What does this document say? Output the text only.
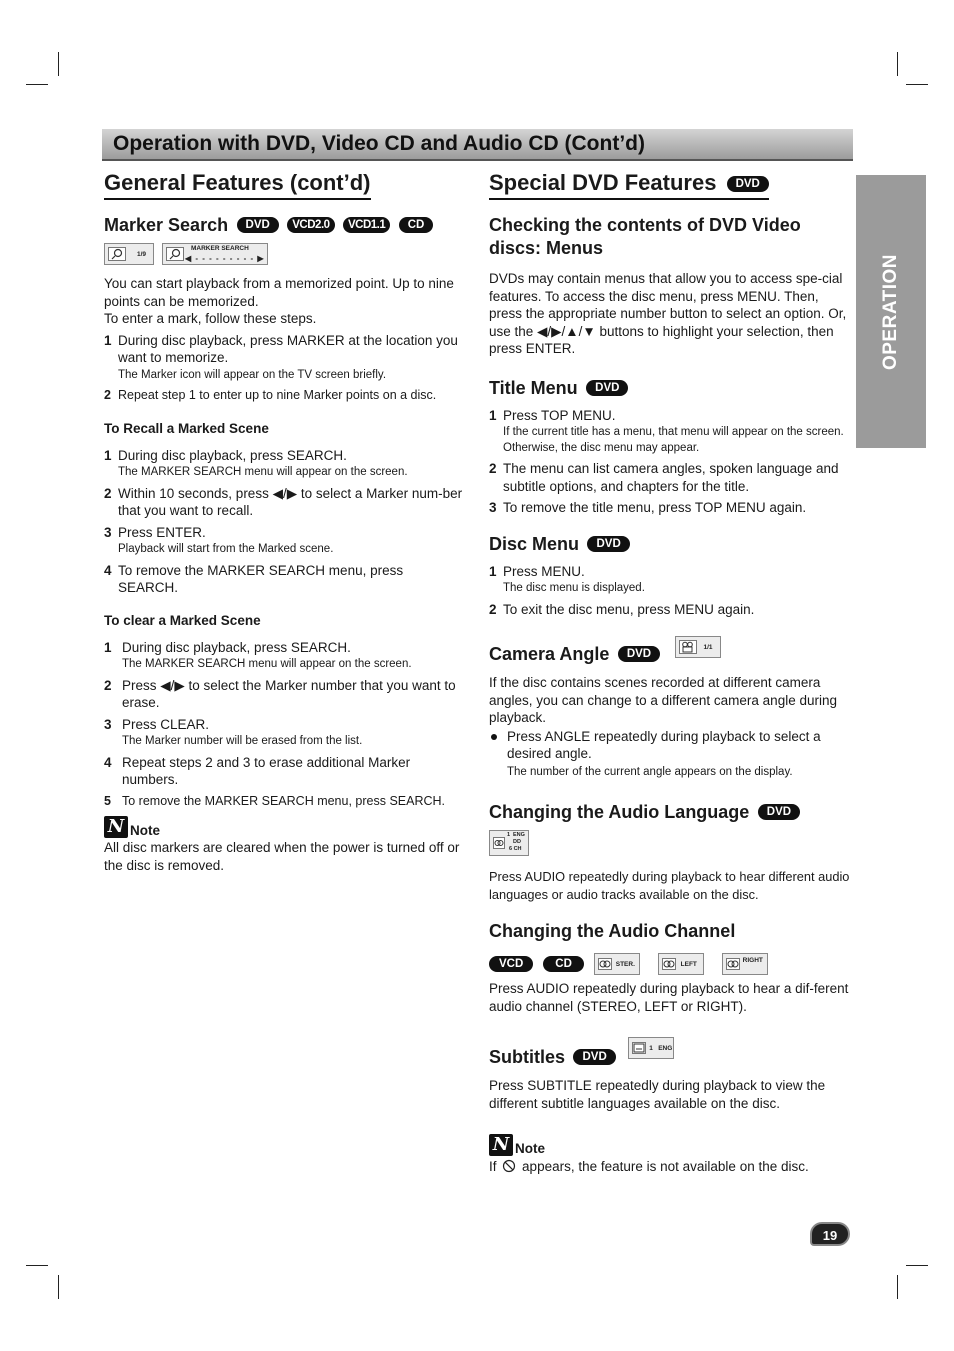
Operation with DVD, Video CD and Audio CD (Cont’d)
OPERATION
General Features (cont’d)
Marker Search DVD VCD2.0 VCD1.1 CD
1/9
MARKER SEARCH
◀ - - - - - - - - - ▶

You can start playback from a memorized point. Up to nine points can be memorized.

To enter a mark, follow these steps.

1 During disc playback, press MARKER at the location you want to memorize.
The Marker icon will appear on the TV screen briefly.
2 Repeat step 1 to enter up to nine Marker points on a disc.
To Recall a Marked Scene
1 During disc playback, press SEARCH.
The MARKER SEARCH menu will appear on the screen.
2 Within 10 seconds, press ◀/▶ to select a Marker num-ber that you want to recall.
3 Press ENTER.
Playback will start from the Marked scene.
4 To remove the MARKER SEARCH menu, press SEARCH.
To clear a Marked Scene
1 During disc playback, press SEARCH.
The MARKER SEARCH menu will appear on the screen.
2 Press ◀/▶ to select the Marker number that you want to erase.
3 Press CLEAR.
The Marker number will be erased from the list.
4 Repeat steps 2 and 3 to erase additional Marker numbers.
5 To remove the MARKER SEARCH menu, press SEARCH.
N Note

All disc markers are cleared when the power is turned off or the disc is removed.

Special DVD Features DVD
Checking the contents of DVD Video discs: Menus

DVDs may contain menus that allow you to access spe-cial features. To access the disc menu, press MENU. Then, press the appropriate number button to select an option. Or, use the ◀/▶/▲/▼ buttons to highlight your selection, then press ENTER.

Title Menu DVD
1 Press TOP MENU.
If the current title has a menu, that menu will appear on the screen. Otherwise, the disc menu may appear.
2 The menu can list camera angles, spoken language and subtitle options, and chapters for the title.
3 To remove the title menu, press TOP MENU again.
Disc Menu DVD
1 Press MENU.
The disc menu is displayed.
2 To exit the disc menu, press MENU again.
Camera Angle DVD
1/1

If the disc contains scenes recorded at different camera angles, you can change to a different camera angle during playback.

Press ANGLE repeatedly during playback to select a desired angle.
The number of the current angle appears on the display.
Changing the Audio Language DVD
1 ENG
DD
6 CH

Press AUDIO repeatedly during playback to hear different audio languages or audio tracks available on the disc.

Changing the Audio Channel
VCD	CD	STER.	LEFT
RIGHT

Press AUDIO repeatedly during playback to hear a dif-ferent audio channel (STEREO, LEFT or RIGHT).

Subtitles DVD
1 ENG

Press SUBTITLE repeatedly during playback to view the different subtitle languages available on the disc.

N Note

If appears, the feature is not available on the disc.

19
